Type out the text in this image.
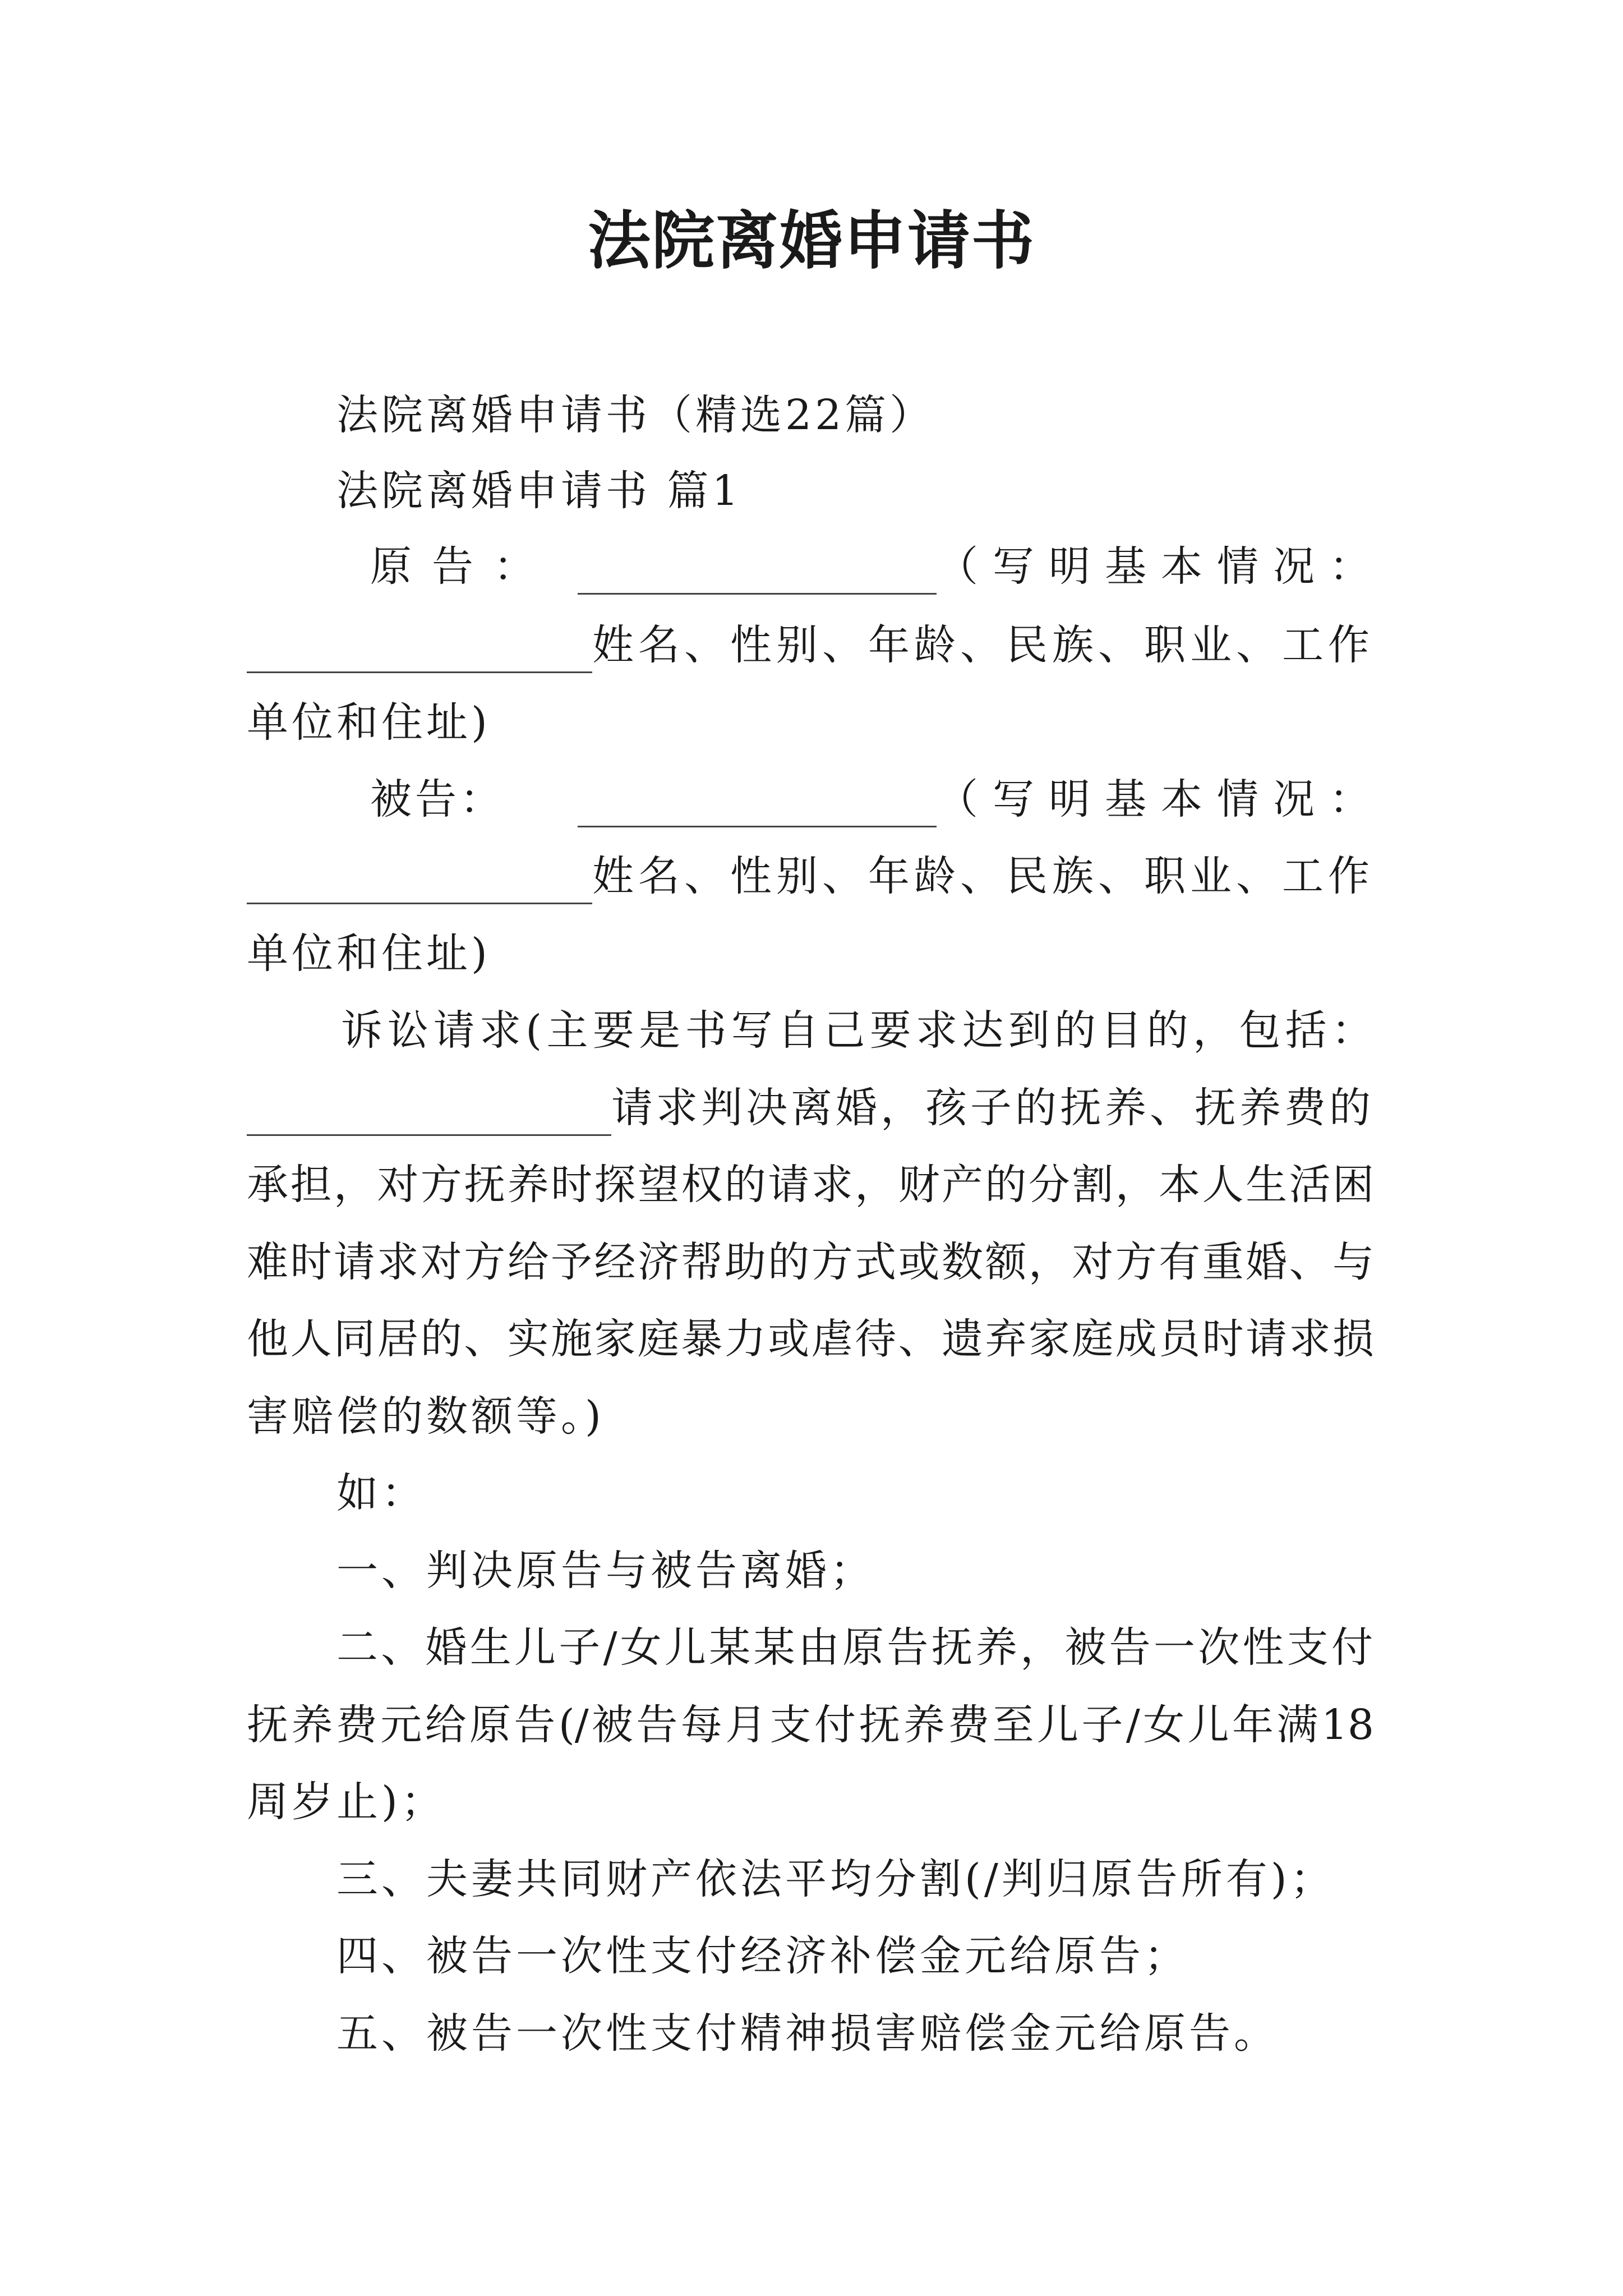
法院离婚申请书
法院离婚申请书（精选22篇）
法院离婚申请书 篇1
原 告 ：	（ 写 明 基 本 情 况 ：
姓名、性别、年龄、民族、职业、工作
单位和住址)
被 告 ：	（ 写 明 基 本 情 况 ：
姓名、性别、年龄、民族、职业、工作
单位和住址)
诉讼请求(主要是书写自己要求达到的目的，包括：
请求判决离婚，孩子的抚养、抚养费的
承担，对方抚养时探望权的请求，财产的分割，本人生活困
难时请求对方给予经济帮助的方式或数额，对方有重婚、与
他人同居的、实施家庭暴力或虐待、遗弃家庭成员时请求损
害赔偿的数额等。)
如：
一、判决原告与被告离婚；
二、婚生儿子/女儿某某由原告抚养，被告一次性支付
抚养费元给原告(/被告每月支付抚养费至儿子/女儿年满18
周岁止)；
三、夫妻共同财产依法平均分割(/判归原告所有)；
四、被告一次性支付经济补偿金元给原告；
五、被告一次性支付精神损害赔偿金元给原告。
